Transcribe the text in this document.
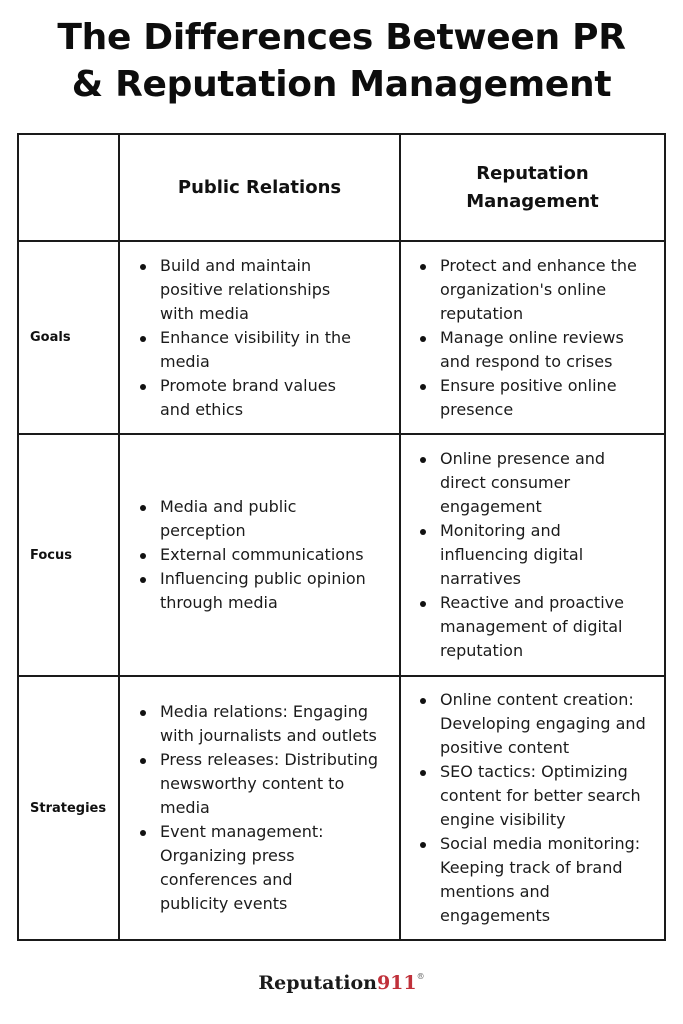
The Differences Between PR
& Reputation Management
Public Relations
Reputation
Management
Goals
Build and maintain positive relationships with media
Enhance visibility in the media
Promote brand values and ethics
Protect and enhance the organization's online reputation
Manage online reviews and respond to crises
Ensure positive online presence
Focus
Media and public perception
External communications
Influencing public opinion through media
Online presence and direct consumer engagement
Monitoring and influencing digital narratives
Reactive and proactive management of digital reputation
Strategies
Media relations: Engaging with journalists and outlets
Press releases: Distributing newsworthy content to media
Event management: Organizing press conferences and publicity events
Online content creation: Developing engaging and positive content
SEO tactics: Optimizing content for better search engine visibility
Social media monitoring: Keeping track of brand mentions and engagements
Reputation911®
